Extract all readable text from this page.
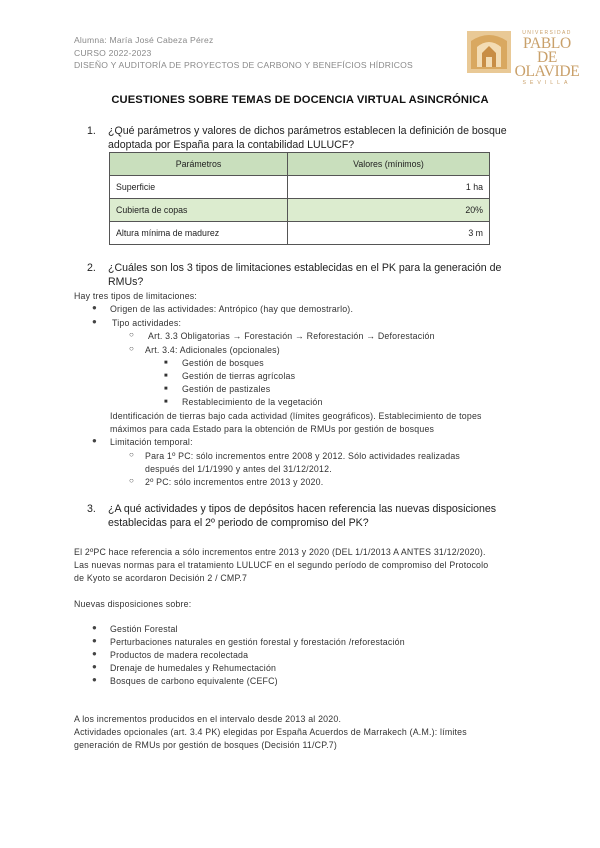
Alumna: María José Cabeza Pérez
CURSO 2022-2023
DISEÑO Y AUDITORÍA DE PROYECTOS DE CARBONO Y BENEFÍCIOS HÍDRICOS
UNIVERSIDAD
PABLO DE
OLAVIDE
SEVILLA
CUESTIONES SOBRE TEMAS DE DOCENCIA VIRTUAL ASINCRÓNICA
1. ¿Qué parámetros y valores de dichos parámetros establecen la definición de bosque
adoptada por España para la contabilidad LULUCF?
Parámetros	Valores (mínimos)
Superficie	1 ha
Cubierta de copas	20%
Altura mínima de madurez	3 m
2. ¿Cuáles son los 3 tipos de limitaciones establecidas en el PK para la generación de
RMUs?
Hay tres tipos de limitaciones:
● Origen de las actividades: Antrópico (hay que demostrarlo).
● Tipo actividades:
○ Art. 3.3 Obligatorias → Forestación → Reforestación → Deforestación
○ Art. 3.4: Adicionales (opcionales)
■ Gestión de bosques
■ Gestión de tierras agrícolas
■ Gestión de pastizales
■ Restablecimiento de la vegetación
Identificación de tierras bajo cada actividad (límites geográficos). Establecimiento de topes
máximos para cada Estado para la obtención de RMUs por gestión de bosques
● Limitación temporal:
○ Para 1º PC: sólo incrementos entre 2008 y 2012. Sólo actividades realizadas
después del 1/1/1990 y antes del 31/12/2012.
○ 2º PC: sólo incrementos entre 2013 y 2020.
3. ¿A qué actividades y tipos de depósitos hacen referencia las nuevas disposiciones
establecidas para el 2º periodo de compromiso del PK?
El 2ºPC hace referencia a sólo incrementos entre 2013 y 2020 (DEL 1/1/2013 A ANTES 31/12/2020).
Las nuevas normas para el tratamiento LULUCF en el segundo período de compromiso del Protocolo
de Kyoto se acordaron Decisión 2 / CMP.7
Nuevas disposiciones sobre:
● Gestión Forestal
● Perturbaciones naturales en gestión forestal y forestación /reforestación
● Productos de madera recolectada
● Drenaje de humedales y Rehumectación
● Bosques de carbono equivalente (CEFC)
A los incrementos producidos en el intervalo desde 2013 al 2020.
Actividades opcionales (art. 3.4 PK) elegidas por España Acuerdos de Marrakech (A.M.): límites
generación de RMUs por gestión de bosques (Decisión 11/CP.7)
